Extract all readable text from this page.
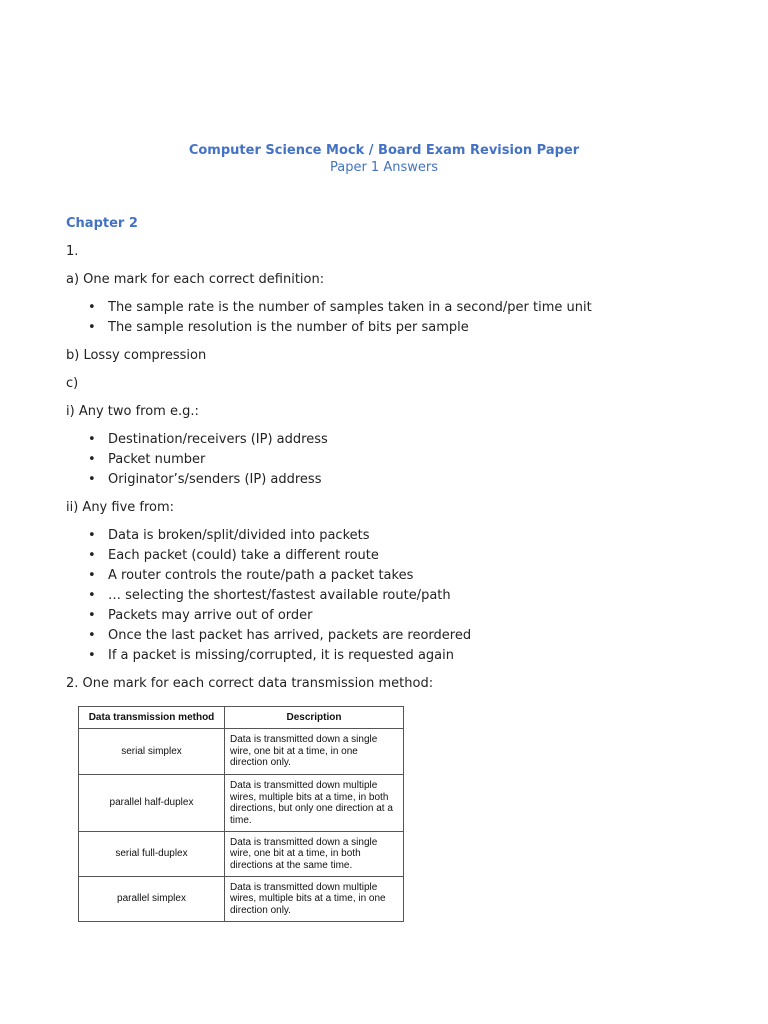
Computer Science Mock / Board Exam Revision Paper
Paper 1 Answers

Chapter 2

1.

a) One mark for each correct definition:

• The sample rate is the number of samples taken in a second/per time unit
• The sample resolution is the number of bits per sample

b) Lossy compression

c)

i) Any two from e.g.:

• Destination/receivers (IP) address
• Packet number
• Originator’s/senders (IP) address

ii) Any five from:

• Data is broken/split/divided into packets
• Each packet (could) take a different route
• A router controls the route/path a packet takes
• … selecting the shortest/fastest available route/path
• Packets may arrive out of order
• Once the last packet has arrived, packets are reordered
• If a packet is missing/corrupted, it is requested again

2. One mark for each correct data transmission method:

Data transmission method	Description
serial simplex	Data is transmitted down a single wire, one bit at a time, in one direction only.
parallel half-duplex	Data is transmitted down multiple wires, multiple bits at a time, in both directions, but only one direction at a time.
serial full-duplex	Data is transmitted down a single wire, one bit at a time, in both directions at the same time.
parallel simplex	Data is transmitted down multiple wires, multiple bits at a time, in one direction only.
